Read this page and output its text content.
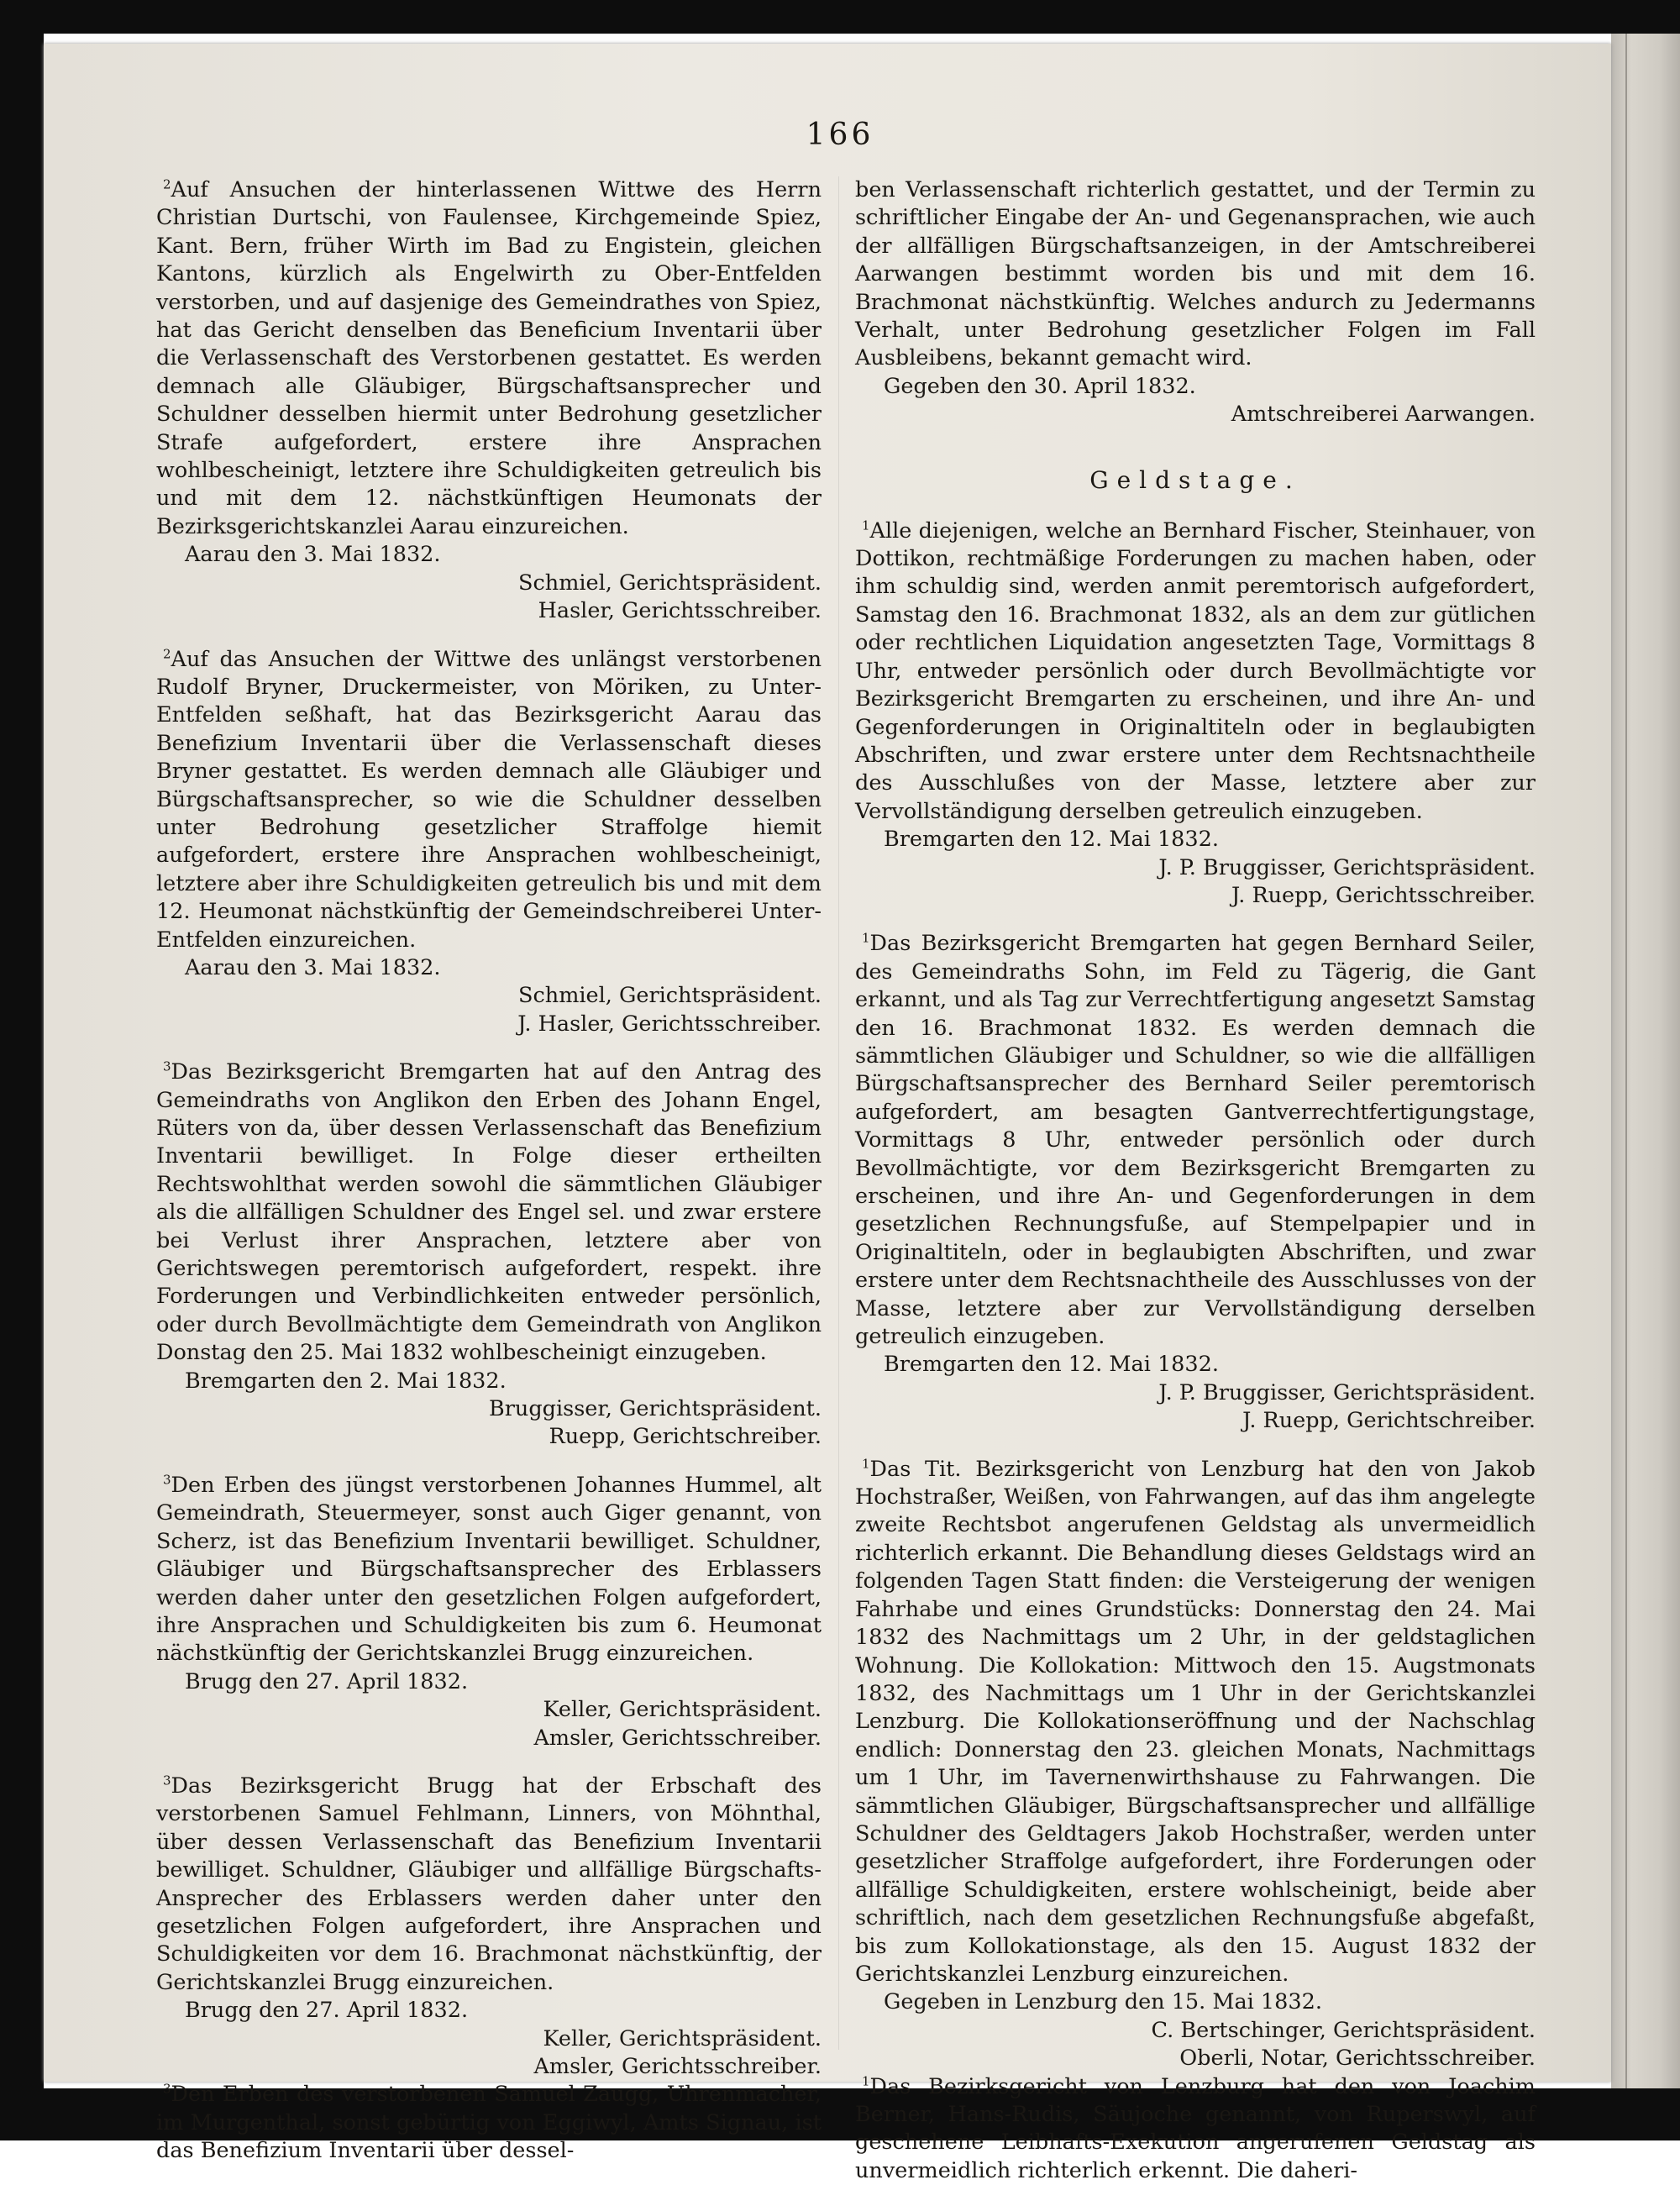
166

$^2$Auf Ansuchen der hinterlassenen Wittwe des Herrn Christian Durtschi, von Faulensee, Kirchgemeinde Spiez, Kant. Bern, früher Wirth im Bad zu Engistein, gleichen Kantons, kürzlich als Engelwirth zu Ober-Entfelden verstorben, und auf dasjenige des Gemeindrathes von Spiez, hat das Gericht denselben das Beneficium Inventarii über die Verlassenschaft des Verstorbenen gestattet. Es werden demnach alle Gläubiger, Bürgschaftsansprecher und Schuldner desselben hiermit unter Bedrohung gesetzlicher Strafe aufgefordert, erstere ihre Ansprachen wohlbescheinigt, letztere ihre Schuldigkeiten getreulich bis und mit dem 12. nächstkünftigen Heumonats der Bezirksgerichtskanzlei Aarau einzureichen.

Aarau den 3. Mai 1832.

Schmiel, Gerichtspräsident.

Hasler, Gerichtsschreiber.

$^2$Auf das Ansuchen der Wittwe des unlängst verstorbenen Rudolf Bryner, Druckermeister, von Möriken, zu Unter-Entfelden seßhaft, hat das Bezirksgericht Aarau das Benefizium Inventarii über die Verlassenschaft dieses Bryner gestattet. Es werden demnach alle Gläubiger und Bürgschaftsansprecher, so wie die Schuldner desselben unter Bedrohung gesetzlicher Straffolge hiemit aufgefordert, erstere ihre Ansprachen wohlbescheinigt, letztere aber ihre Schuldigkeiten getreulich bis und mit dem 12. Heumonat nächstkünftig der Gemeindschreiberei Unter-Entfelden einzureichen.

Aarau den 3. Mai 1832.

Schmiel, Gerichtspräsident.

J. Hasler, Gerichtsschreiber.

$^3$Das Bezirksgericht Bremgarten hat auf den Antrag des Gemeindraths von Anglikon den Erben des Johann Engel, Rüters von da, über dessen Verlassenschaft das Benefizium Inventarii bewilliget. In Folge dieser ertheilten Rechtswohlthat werden sowohl die sämmtlichen Gläubiger als die allfälligen Schuldner des Engel sel. und zwar erstere bei Verlust ihrer Ansprachen, letztere aber von Gerichtswegen peremtorisch aufgefordert, respekt. ihre Forderungen und Verbindlichkeiten entweder persönlich, oder durch Bevollmächtigte dem Gemeindrath von Anglikon Donstag den 25. Mai 1832 wohlbescheinigt einzugeben.

Bremgarten den 2. Mai 1832.

Bruggisser, Gerichtspräsident.

Ruepp, Gerichtschreiber.

$^3$Den Erben des jüngst verstorbenen Johannes Hummel, alt Gemeindrath, Steuermeyer, sonst auch Giger genannt, von Scherz, ist das Benefizium Inventarii bewilliget. Schuldner, Gläubiger und Bürgschaftsansprecher des Erblassers werden daher unter den gesetzlichen Folgen aufgefordert, ihre Ansprachen und Schuldigkeiten bis zum 6. Heumonat nächstkünftig der Gerichtskanzlei Brugg einzureichen.

Brugg den 27. April 1832.

Keller, Gerichtspräsident.

Amsler, Gerichtsschreiber.

$^3$Das Bezirksgericht Brugg hat der Erbschaft des verstorbenen Samuel Fehlmann, Linners, von Möhnthal, über dessen Verlassenschaft das Benefizium Inventarii bewilliget. Schuldner, Gläubiger und allfällige Bürgschafts-Ansprecher des Erblassers werden daher unter den gesetzlichen Folgen aufgefordert, ihre Ansprachen und Schuldigkeiten vor dem 16. Brachmonat nächstkünftig, der Gerichtskanzlei Brugg einzureichen.

Brugg den 27. April 1832.

Keller, Gerichtspräsident.

Amsler, Gerichtsschreiber.

$^3$Den Erben des verstorbenen Samuel Zaugg, Uhrenmacher, im Murgenthal, sonst gebürtig von Eggiwyl, Amts Signau, ist das Benefizium Inventarii über dessel-

ben Verlassenschaft richterlich gestattet, und der Termin zu schriftlicher Eingabe der An- und Gegenansprachen, wie auch der allfälligen Bürgschaftsanzeigen, in der Amtschreiberei Aarwangen bestimmt worden bis und mit dem 16. Brachmonat nächstkünftig. Welches andurch zu Jedermanns Verhalt, unter Bedrohung gesetzlicher Folgen im Fall Ausbleibens, bekannt gemacht wird.

Gegeben den 30. April 1832.

Amtschreiberei Aarwangen.

Geldstage.

$^1$Alle diejenigen, welche an Bernhard Fischer, Steinhauer, von Dottikon, rechtmäßige Forderungen zu machen haben, oder ihm schuldig sind, werden anmit peremtorisch aufgefordert, Samstag den 16. Brachmonat 1832, als an dem zur gütlichen oder rechtlichen Liquidation angesetzten Tage, Vormittags 8 Uhr, entweder persönlich oder durch Bevollmächtigte vor Bezirksgericht Bremgarten zu erscheinen, und ihre An- und Gegenforderungen in Originaltiteln oder in beglaubigten Abschriften, und zwar erstere unter dem Rechtsnachtheile des Ausschlußes von der Masse, letztere aber zur Vervollständigung derselben getreulich einzugeben.

Bremgarten den 12. Mai 1832.

J. P. Bruggisser, Gerichtspräsident.

J. Ruepp, Gerichtsschreiber.

$^1$Das Bezirksgericht Bremgarten hat gegen Bernhard Seiler, des Gemeindraths Sohn, im Feld zu Tägerig, die Gant erkannt, und als Tag zur Verrechtfertigung angesetzt Samstag den 16. Brachmonat 1832. Es werden demnach die sämmtlichen Gläubiger und Schuldner, so wie die allfälligen Bürgschaftsansprecher des Bernhard Seiler peremtorisch aufgefordert, am besagten Gantverrechtfertigungstage, Vormittags 8 Uhr, entweder persönlich oder durch Bevollmächtigte, vor dem Bezirksgericht Bremgarten zu erscheinen, und ihre An- und Gegenforderungen in dem gesetzlichen Rechnungsfuße, auf Stempelpapier und in Originaltiteln, oder in beglaubigten Abschriften, und zwar erstere unter dem Rechtsnachtheile des Ausschlusses von der Masse, letztere aber zur Vervollständigung derselben getreulich einzugeben.

Bremgarten den 12. Mai 1832.

J. P. Bruggisser, Gerichtspräsident.

J. Ruepp, Gerichtschreiber.

$^1$Das Tit. Bezirksgericht von Lenzburg hat den von Jakob Hochstraßer, Weißen, von Fahrwangen, auf das ihm angelegte zweite Rechtsbot angerufenen Geldstag als unvermeidlich richterlich erkannt. Die Behandlung dieses Geldstags wird an folgenden Tagen Statt finden: die Versteigerung der wenigen Fahrhabe und eines Grundstücks: Donnerstag den 24. Mai 1832 des Nachmittags um 2 Uhr, in der geldstaglichen Wohnung. Die Kollokation: Mittwoch den 15. Augstmonats 1832, des Nachmittags um 1 Uhr in der Gerichtskanzlei Lenzburg. Die Kollokationseröffnung und der Nachschlag endlich: Donnerstag den 23. gleichen Monats, Nachmittags um 1 Uhr, im Tavernenwirthshause zu Fahrwangen. Die sämmtlichen Gläubiger, Bürgschaftsansprecher und allfällige Schuldner des Geldtagers Jakob Hochstraßer, werden unter gesetzlicher Straffolge aufgefordert, ihre Forderungen oder allfällige Schuldigkeiten, erstere wohlscheinigt, beide aber schriftlich, nach dem gesetzlichen Rechnungsfuße abgefaßt, bis zum Kollokationstage, als den 15. August 1832 der Gerichtskanzlei Lenzburg einzureichen.

Gegeben in Lenzburg den 15. Mai 1832.

C. Bertschinger, Gerichtspräsident.

Oberli, Notar, Gerichtsschreiber.

$^1$Das Bezirksgericht von Lenzburg hat den von Joachim Berner, Hans-Rudis, Säujoche genannt, von Ruperswyl, auf geschehene Leibhafts-Exekution angerufenen Geldstag als unvermeidlich richterlich erkennt. Die daheri-
